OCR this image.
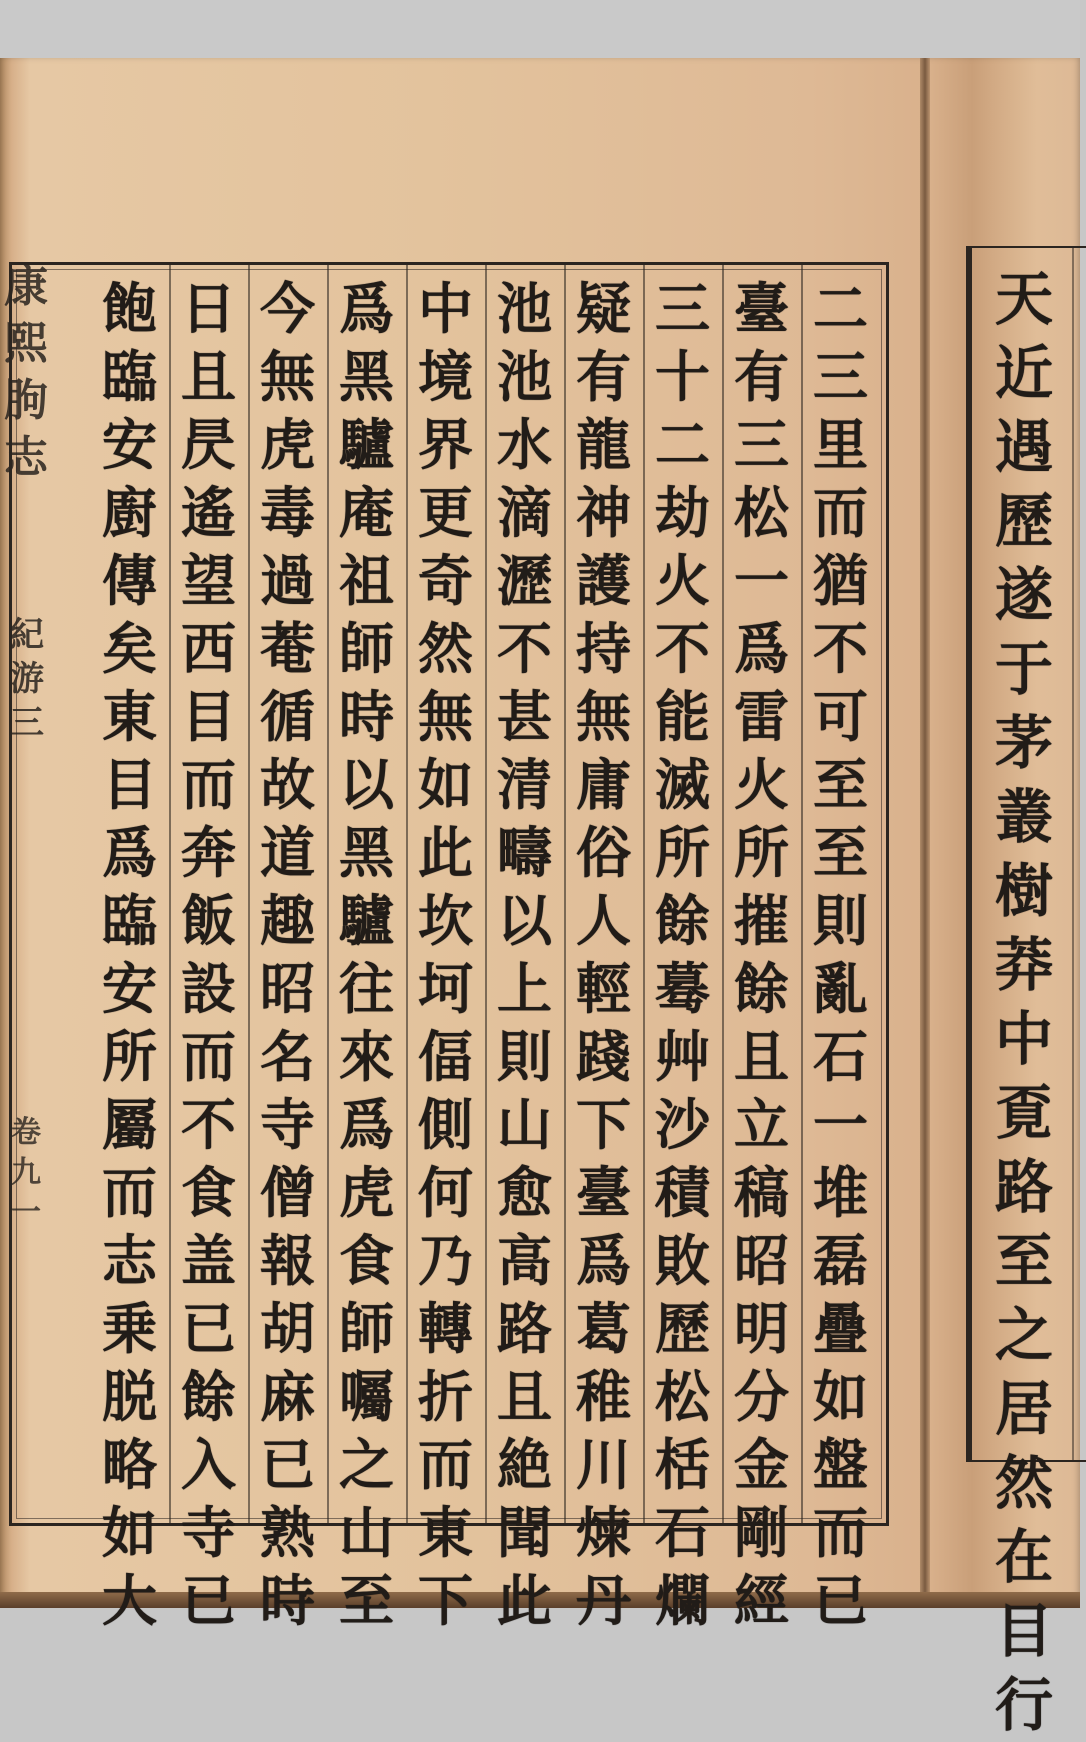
康
熙
朐
志
紀
游
三
卷
九
一
二
三
里
而
猶
不
可
至
至
則
亂
石
一
堆
磊
疊
如
盤
而
已
臺
有
三
松
一
爲
雷
火
所
摧
餘
且
立
稿
昭
明
分
金
剛
經
三
十
二
劫
火
不
能
滅
所
餘
蓦
艸
沙
積
敗
歷
松
栝
石
爛
疑
有
龍
神
護
持
無
庸
俗
人
輕
踐
下
臺
爲
葛
稚
川
煉
丹
池
池
水
滴
瀝
不
甚
清
疇
以
上
則
山
愈
高
路
且
絶
聞
此
中
境
界
更
奇
然
無
如
此
坎
坷
偪
側
何
乃
轉
折
而
東
下
爲
黑
驢
庵
祖
師
時
以
黑
驢
往
來
爲
虎
食
師
囑
之
山
至
今
無
虎
毒
過
菴
循
故
道
趣
昭
名
寺
僧
報
胡
麻
已
熟
時
日
且
昃
遙
望
西
目
而
奔
飯
設
而
不
食
盖
已
餘
入
寺
已
飽
臨
安
廚
傳
矣
東
目
爲
臨
安
所
屬
而
志
乗
脱
略
如
大
天
近
遇
歷
遂
于
茅
叢
樹
莽
中
覔
路
至
之
居
然
在
目
行
